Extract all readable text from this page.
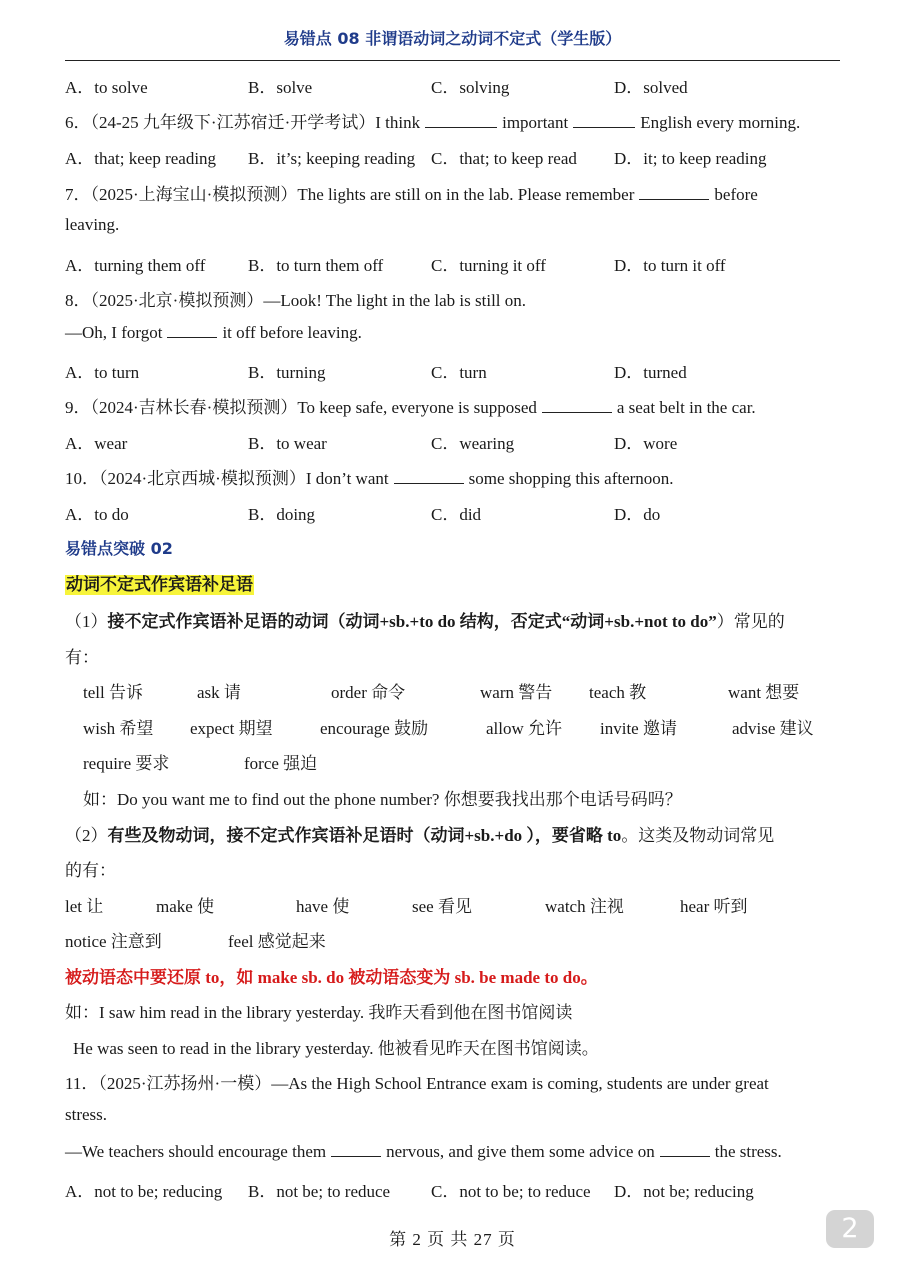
易错点 08 非谓语动词之动词不定式（学生版）
A．to solve	B．solve	C．solving	D．solved
6．（24-25 九年级下·江苏宿迁·开学考试）I think	important	English every morning.
A．that; keep reading B．it’s; keeping reading C．that; to keep read D．it; to keep reading
7．（2025·上海宝山·模拟预测）The lights are still on in the lab. Please remember	before
leaving.
A．turning them off	B．to turn them off	C．turning it off	D．to turn it off
8．（2025·北京·模拟预测）—Look! The light in the lab is still on.
—Oh, I forgot	it off before leaving.
A．to turn	B．turning	C．turn	D．turned
9．（2024·吉林长春·模拟预测）To keep safe, everyone is supposed	a seat belt in the car.
A．wear	B．to wear	C．wearing	D．wore
10．（2024·北京西城·模拟预测）I don’t want	some shopping this afternoon.
A．to do	B．doing	C．did	D．do
易错点突破 02
动词不定式作宾语补足语
（1）接不定式作宾语补足语的动词（动词+sb.+to do 结构，否定式“动词+sb.+not to do”）常见的
有：
tell 告诉	ask 请	order 命令	warn 警告 teach 教	want 想要
wish 希望 expect 期望	encourage 鼓励	allow 允许 invite 邀请	advise 建议
require 要求	force 强迫
如：Do you want me to find out the phone number? 你想要我找出那个电话号码吗？
（2）有些及物动词，接不定式作宾语补足语时（动词+sb.+do ），要省略 to。这类及物动词常见
的有：
let 让	make 使	have 使	see 看见	watch 注视	hear 听到
notice 注意到	feel 感觉起来
被动语态中要还原 to，如 make sb. do 被动语态变为 sb. be made to do。
如：I saw him read in the library yesterday. 我昨天看到他在图书馆阅读
He was seen to read in the library yesterday. 他被看见昨天在图书馆阅读。
11．（2025·江苏扬州·一模）—As the High School Entrance exam is coming, students are under great
stress.
—We teachers should encourage them	nervous, and give them some advice on	the stress.
A．not to be; reducing B．not be; to reduce C．not to be; to reduce D．not be; reducing
第 2 页 共 27 页	2
